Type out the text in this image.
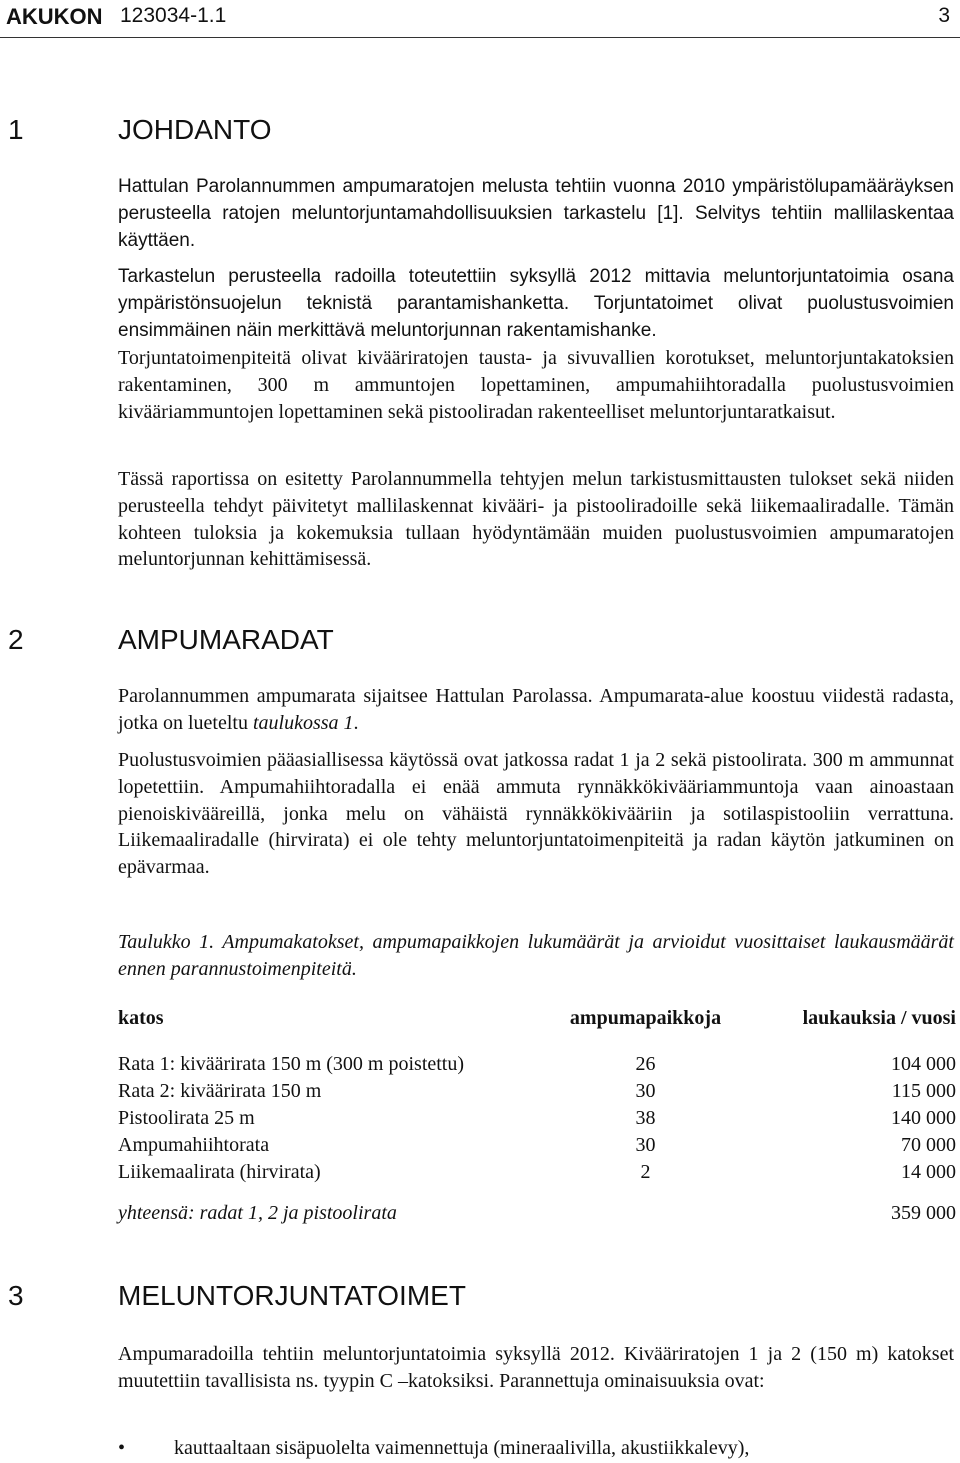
AKUKON 123034-1.1	3
1	JOHDANTO
Hattulan Parolannummen ampumaratojen melusta tehtiin vuonna 2010 ympäristölupamääräyksen perusteella ratojen meluntorjuntamahdollisuuksien tarkastelu [1]. Selvitys tehtiin mallilaskentaa käyttäen.
Tarkastelun perusteella radoilla toteutettiin syksyllä 2012 mittavia meluntorjuntatoimia osana ympäristönsuojelun teknistä parantamishanketta. Torjuntatoimet olivat puolustusvoimien ensimmäinen näin merkittävä meluntorjunnan rakentamishanke.
Torjuntatoimenpiteitä olivat kivääriratojen tausta- ja sivuvallien korotukset, meluntorjuntakatoksien rakentaminen, 300 m ammuntojen lopettaminen, ampumahiihtoradalla puolustusvoimien kivääriammuntojen lopettaminen sekä pistooliradan rakenteelliset meluntorjuntaratkaisut.
Tässä raportissa on esitetty Parolannummella tehtyjen melun tarkistusmittausten tulokset sekä niiden perusteella tehdyt päivitetyt mallilaskennat kivääri- ja pistooliradoille sekä liikemaaliradalle. Tämän kohteen tuloksia ja kokemuksia tullaan hyödyntämään muiden puolustusvoimien ampumaratojen meluntorjunnan kehittämisessä.
2	AMPUMARADAT
Parolannummen ampumarata sijaitsee Hattulan Parolassa. Ampumarata-alue koostuu viidestä radasta, jotka on lueteltu taulukossa 1.
Puolustusvoimien pääasiallisessa käytössä ovat jatkossa radat 1 ja 2 sekä pistoolirata. 300 m ammunnat lopetettiin. Ampumahiihtoradalla ei enää ammuta rynnäkkökivääriammuntoja vaan ainoastaan pienoiskivääreillä, jonka melu on vähäistä rynnäkkökivääriin ja sotilaspistooliin verrattuna. Liikemaaliradalle (hirvirata) ei ole tehty meluntorjuntatoimenpiteitä ja radan käytön jatkuminen on epävarmaa.
Taulukko 1. Ampumakatokset, ampumapaikkojen lukumäärät ja arvioidut vuosittaiset laukausmäärät ennen parannustoimenpiteitä.
katos	ampumapaikkoja	laukauksia / vuosi
Rata 1: kiväärirata 150 m (300 m poistettu)	26	104 000
Rata 2: kiväärirata 150 m	30	115 000
Pistoolirata 25 m	38	140 000
Ampumahiihtorata	30	70 000
Liikemaalirata (hirvirata)	2	14 000

yhteensä: radat 1, 2 ja pistoolirata		359 000
3	MELUNTORJUNTATOIMET
Ampumaradoilla tehtiin meluntorjuntatoimia syksyllä 2012. Kivääriratojen 1 ja 2 (150 m) katokset muutettiin tavallisista ns. tyypin C –katoksiksi. Parannettuja ominaisuuksia ovat:
• kauttaaltaan sisäpuolelta vaimennettuja (mineraalivilla, akustiikkalevy),
